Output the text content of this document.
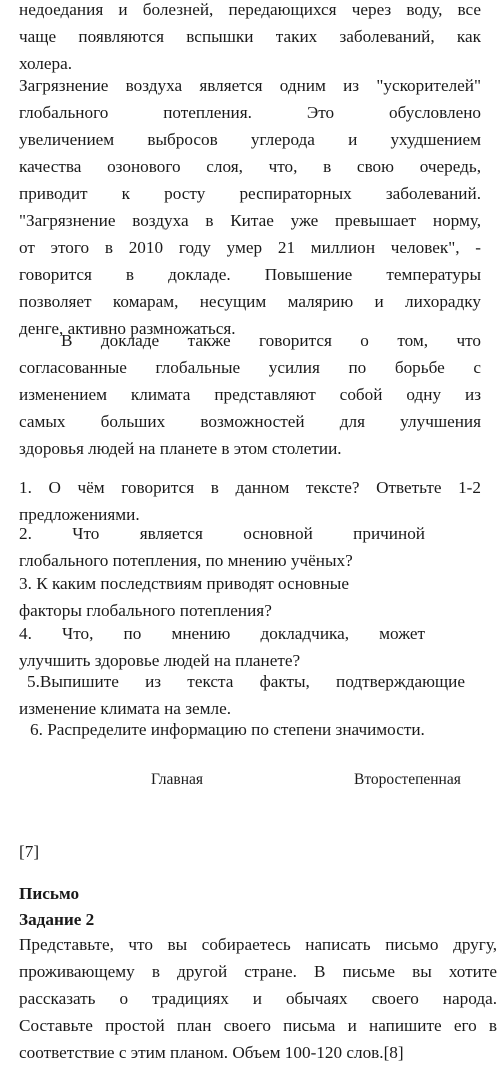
недоедания и болезней, передающихся через воду, все
чаще появляются вспышки таких заболеваний, как
холера.
Загрязнение воздуха является одним из "ускорителей"
глобального потепления. Это обусловлено
увеличением выбросов углерода и ухудшением
качества озонового слоя, что, в свою очередь,
приводит к росту респираторных заболеваний.
"Загрязнение воздуха в Китае уже превышает норму,
от этого в 2010 году умер 21 миллион человек", -
говорится в докладе. Повышение температуры
позволяет комарам, несущим малярию и лихорадку
денге, активно размножаться.
В докладе также говорится о том, что
согласованные глобальные усилия по борьбе с
изменением климата представляют собой одну из
самых больших возможностей для улучшения
здоровья людей на планете в этом столетии.
1. О чём говорится в данном тексте? Ответьте 1-2
предложениями.
2. Что является основной причиной
глобального потепления, по мнению учёных?
3. К каким последствиям приводят основные
факторы глобального потепления?
4. Что, по мнению докладчика, может
улучшить здоровье людей на планете?
5.Выпишите из текста факты, подтверждающие
изменение климата на земле.
6. Распределите информацию по степени значимости.
Главная	Второстепенная
[7]
Письмо
Задание 2
Представьте, что вы собираетесь написать письмо другу,
проживающему в другой стране. В письме вы хотите
рассказать о традициях и обычаях своего народа.
Составьте простой план своего письма и напишите его в
соответствие с этим планом. Объем 100-120 слов.[8]
